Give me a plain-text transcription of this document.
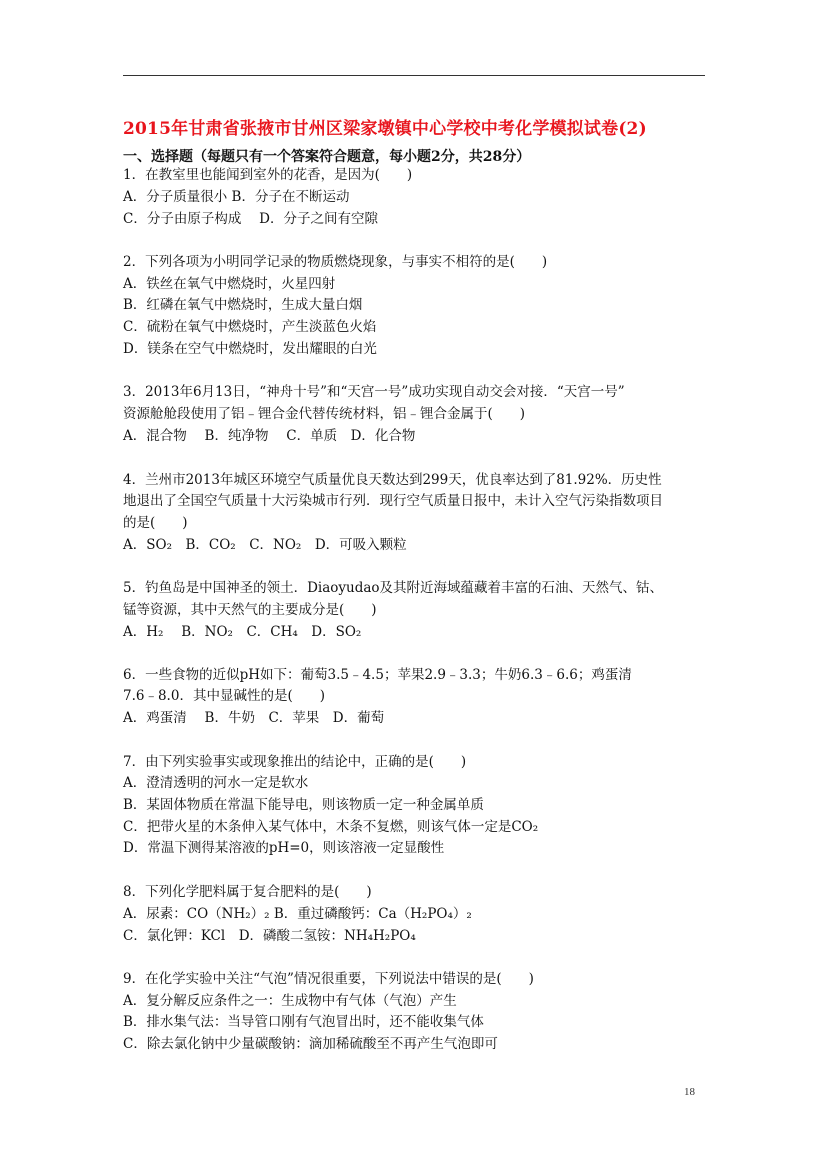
2015年甘肃省张掖市甘州区梁家墩镇中心学校中考化学模拟试卷(2)
一、选择题（每题只有一个答案符合题意，每小题2分，共28分）
1．在教室里也能闻到室外的花香，是因为(　　)
A．分子质量很小 B．分子在不断运动
C．分子由原子构成　 D．分子之间有空隙
2．下列各项为小明同学记录的物质燃烧现象，与事实不相符的是(　　)
A．铁丝在氧气中燃烧时，火星四射
B．红磷在氧气中燃烧时，生成大量白烟
C．硫粉在氧气中燃烧时，产生淡蓝色火焰
D．镁条在空气中燃烧时，发出耀眼的白光
3．2013年6月13日，“神舟十号”和“天宫一号”成功实现自动交会对接．“天宫一号”
资源舱舱段使用了铝﹣锂合金代替传统材料，铝﹣锂合金属于(　　)
A．混合物　 B．纯净物　 C．单质　D．化合物
4．兰州市2013年城区环境空气质量优良天数达到299天，优良率达到了81.92%．历史性
地退出了全国空气质量十大污染城市行列．现行空气质量日报中，未计入空气污染指数项目
的是(　　)
A．SO₂　B．CO₂　C．NO₂　D．可吸入颗粒
5．钓鱼岛是中国神圣的领土．Diaoyudao及其附近海域蕴藏着丰富的石油、天然气、钴、
锰等资源，其中天然气的主要成分是(　　)
A．H₂　 B．NO₂　C．CH₄　D．SO₂
6．一些食物的近似pH如下：葡萄3.5﹣4.5；苹果2.9﹣3.3；牛奶6.3﹣6.6；鸡蛋清
7.6﹣8.0．其中显碱性的是(　　)
A．鸡蛋清　 B．牛奶　C．苹果　D．葡萄
7．由下列实验事实或现象推出的结论中，正确的是(　　)
A．澄清透明的河水一定是软水
B．某固体物质在常温下能导电，则该物质一定一种金属单质
C．把带火星的木条伸入某气体中，木条不复燃，则该气体一定是CO₂
D．常温下测得某溶液的pH=0，则该溶液一定显酸性
8．下列化学肥料属于复合肥料的是(　　)
A．尿素：CO（NH₂）₂ B．重过磷酸钙：Ca（H₂PO₄）₂
C．氯化钾：KCl　D．磷酸二氢铵：NH₄H₂PO₄
9．在化学实验中关注“气泡”情况很重要，下列说法中错误的是(　　)
A．复分解反应条件之一：生成物中有气体（气泡）产生
B．排水集气法：当导管口刚有气泡冒出时，还不能收集气体
C．除去氯化钠中少量碳酸钠：滴加稀硫酸至不再产生气泡即可
18
